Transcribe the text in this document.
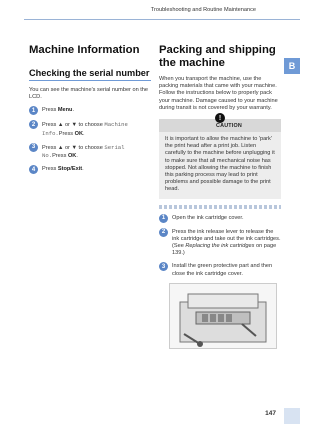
Troubleshooting and Routine Maintenance
B
Machine Information
Checking the serial number

You can see the machine's serial number on the LCD.

1	Press Menu.
2	Press ▲ or ▼ to choose Machine Info.Press OK.
3	Press ▲ or ▼ to choose Serial No.Press OK.
4	Press Stop/Exit.
Packing and shipping the machine

When you transport the machine, use the packing materials that came with your machine. Follow the instructions below to properly pack your machine. Damage caused to your machine during transit is not covered by your warranty.

!
CAUTION
It is important to allow the machine to 'park' the print head after a print job. Listen carefully to the machine before unplugging it to make sure that all mechanical noise has stopped. Not allowing the machine to finish this parking process may lead to print problems and possible damage to the print head.
1	Open the ink cartridge cover.
2	Press the ink release lever to release the ink cartridge and take out the ink cartridges. (See Replacing the ink cartridges on page 139.)
3	Install the green protective part and then close the ink cartridge cover.
147
